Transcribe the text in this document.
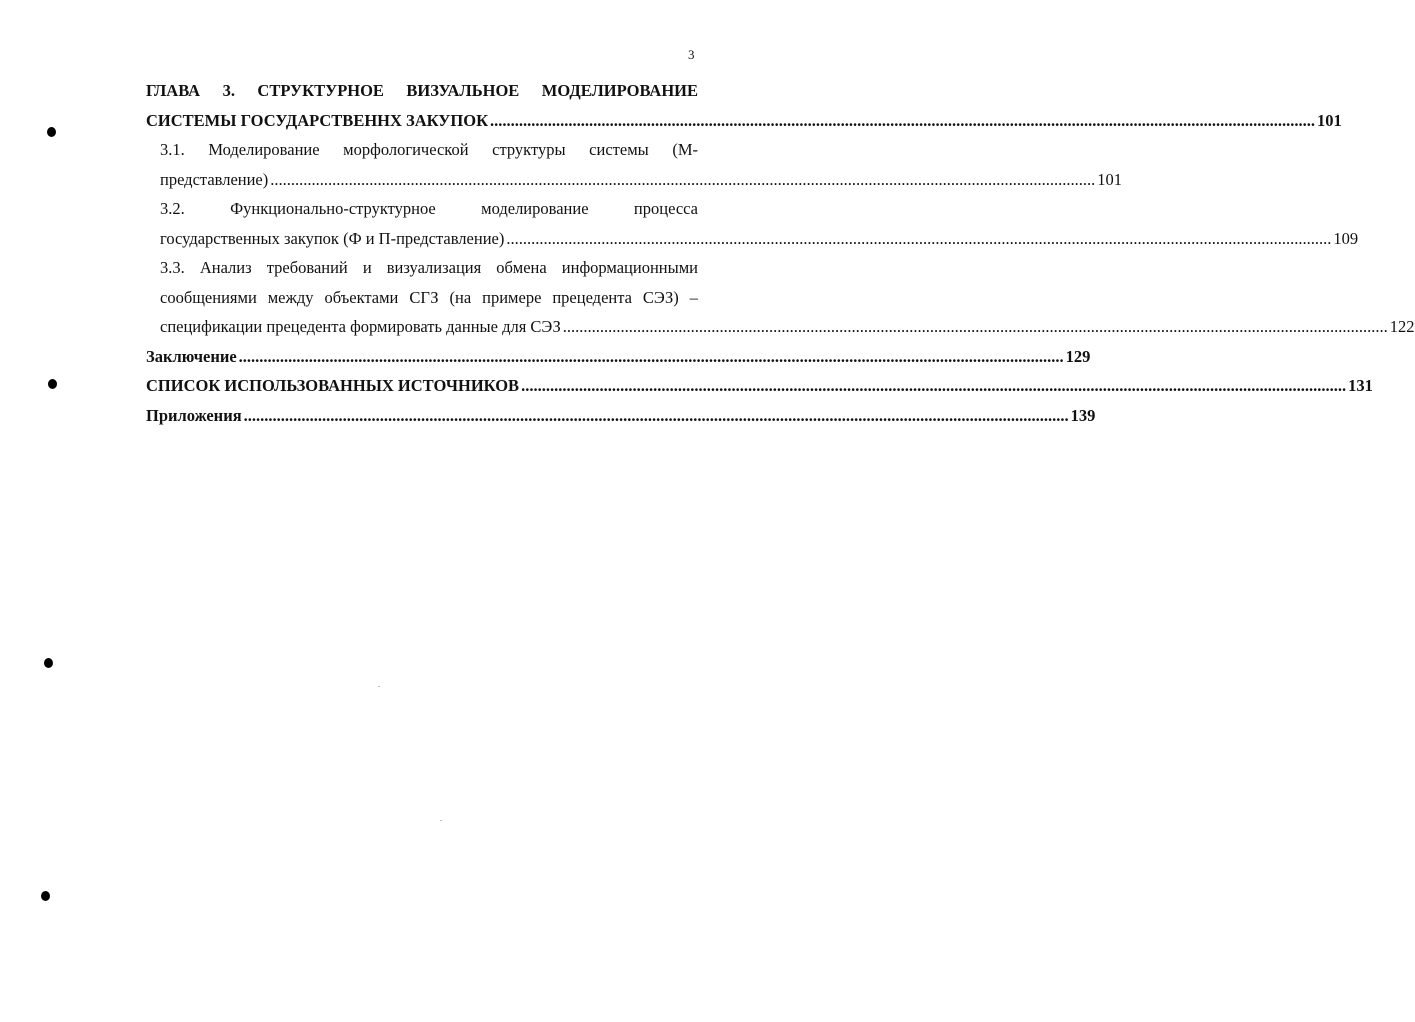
3
ГЛАВА 3. СТРУКТУРНОЕ ВИЗУАЛЬНОЕ МОДЕЛИРОВАНИЕ
СИСТЕМЫ ГОСУДАРСТВЕННХ ЗАКУПОК ........................................................................................................................................................................................................ 101
3.1. Моделирование морфологической структуры системы (М-
представление) ........................................................................................................................................................................................................ 101
3.2. Функционально-структурное моделирование процесса
государственных закупок (Ф и П-представление) ........................................................................................................................................................................................................ 109
3.3. Анализ требований и визуализация обмена информационными
сообщениями между объектами СГЗ (на примере прецедента СЭЗ) –
спецификации прецедента формировать данные для СЭЗ ........................................................................................................................................................................................................ 122
Заключение ........................................................................................................................................................................................................ 129
СПИСОК ИСПОЛЬЗОВАННЫХ ИСТОЧНИКОВ ........................................................................................................................................................................................................ 131
Приложения ........................................................................................................................................................................................................ 139
